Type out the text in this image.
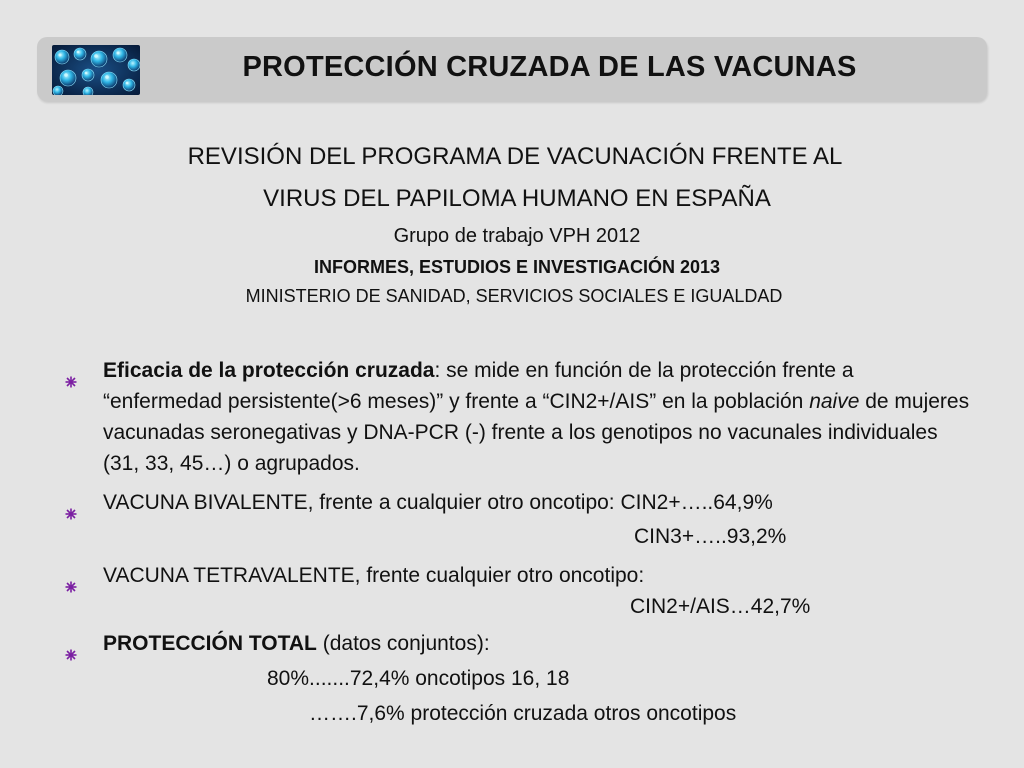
PROTECCIÓN CRUZADA DE LAS VACUNAS
REVISIÓN DEL PROGRAMA DE VACUNACIÓN FRENTE AL
VIRUS DEL PAPILOMA HUMANO EN ESPAÑA
Grupo de trabajo VPH 2012
INFORMES, ESTUDIOS E INVESTIGACIÓN 2013
MINISTERIO DE SANIDAD, SERVICIOS SOCIALES E IGUALDAD

Eficacia de la protección cruzada: se mide en función de la protección frente a “enfermedad persistente(>6 meses)” y frente a “CIN2+/AIS” en la población naive de mujeres vacunadas seronegativas y DNA-PCR (-) frente a los genotipos no vacunales individuales (31, 33, 45…) o agrupados.

VACUNA BIVALENTE, frente a cualquier otro oncotipo: CIN2+…..64,9%

CIN3+…..93,2%

VACUNA TETRAVALENTE, frente cualquier otro oncotipo:

CIN2+/AIS…42,7%

PROTECCIÓN TOTAL (datos conjuntos):

80%.......72,4% oncotipos 16, 18
…….7,6% protección cruzada otros oncotipos
